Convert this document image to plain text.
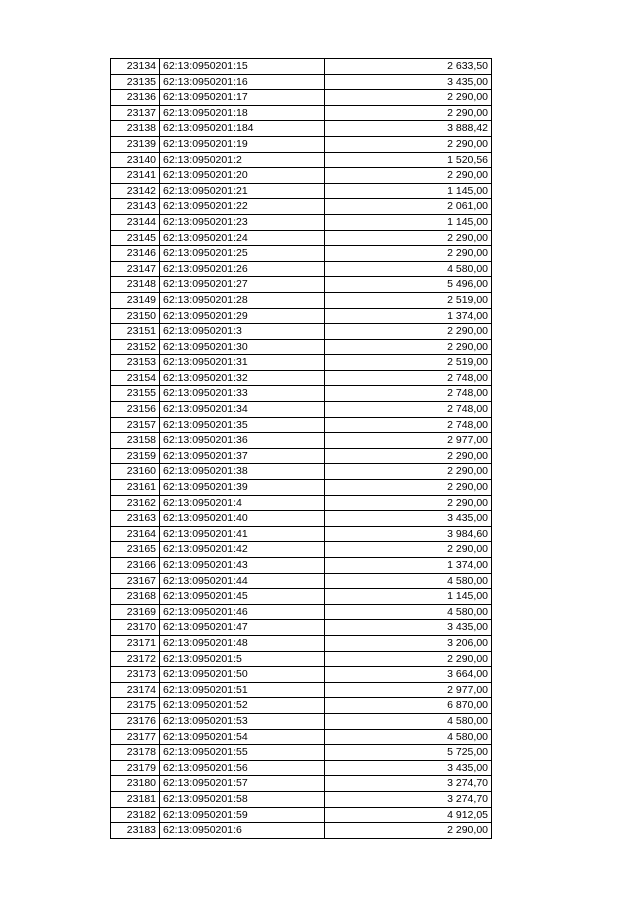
23134	62:13:0950201:15	2 633,50
23135	62:13:0950201:16	3 435,00
23136	62:13:0950201:17	2 290,00
23137	62:13:0950201:18	2 290,00
23138	62:13:0950201:184	3 888,42
23139	62:13:0950201:19	2 290,00
23140	62:13:0950201:2	1 520,56
23141	62:13:0950201:20	2 290,00
23142	62:13:0950201:21	1 145,00
23143	62:13:0950201:22	2 061,00
23144	62:13:0950201:23	1 145,00
23145	62:13:0950201:24	2 290,00
23146	62:13:0950201:25	2 290,00
23147	62:13:0950201:26	4 580,00
23148	62:13:0950201:27	5 496,00
23149	62:13:0950201:28	2 519,00
23150	62:13:0950201:29	1 374,00
23151	62:13:0950201:3	2 290,00
23152	62:13:0950201:30	2 290,00
23153	62:13:0950201:31	2 519,00
23154	62:13:0950201:32	2 748,00
23155	62:13:0950201:33	2 748,00
23156	62:13:0950201:34	2 748,00
23157	62:13:0950201:35	2 748,00
23158	62:13:0950201:36	2 977,00
23159	62:13:0950201:37	2 290,00
23160	62:13:0950201:38	2 290,00
23161	62:13:0950201:39	2 290,00
23162	62:13:0950201:4	2 290,00
23163	62:13:0950201:40	3 435,00
23164	62:13:0950201:41	3 984,60
23165	62:13:0950201:42	2 290,00
23166	62:13:0950201:43	1 374,00
23167	62:13:0950201:44	4 580,00
23168	62:13:0950201:45	1 145,00
23169	62:13:0950201:46	4 580,00
23170	62:13:0950201:47	3 435,00
23171	62:13:0950201:48	3 206,00
23172	62:13:0950201:5	2 290,00
23173	62:13:0950201:50	3 664,00
23174	62:13:0950201:51	2 977,00
23175	62:13:0950201:52	6 870,00
23176	62:13:0950201:53	4 580,00
23177	62:13:0950201:54	4 580,00
23178	62:13:0950201:55	5 725,00
23179	62:13:0950201:56	3 435,00
23180	62:13:0950201:57	3 274,70
23181	62:13:0950201:58	3 274,70
23182	62:13:0950201:59	4 912,05
23183	62:13:0950201:6	2 290,00
